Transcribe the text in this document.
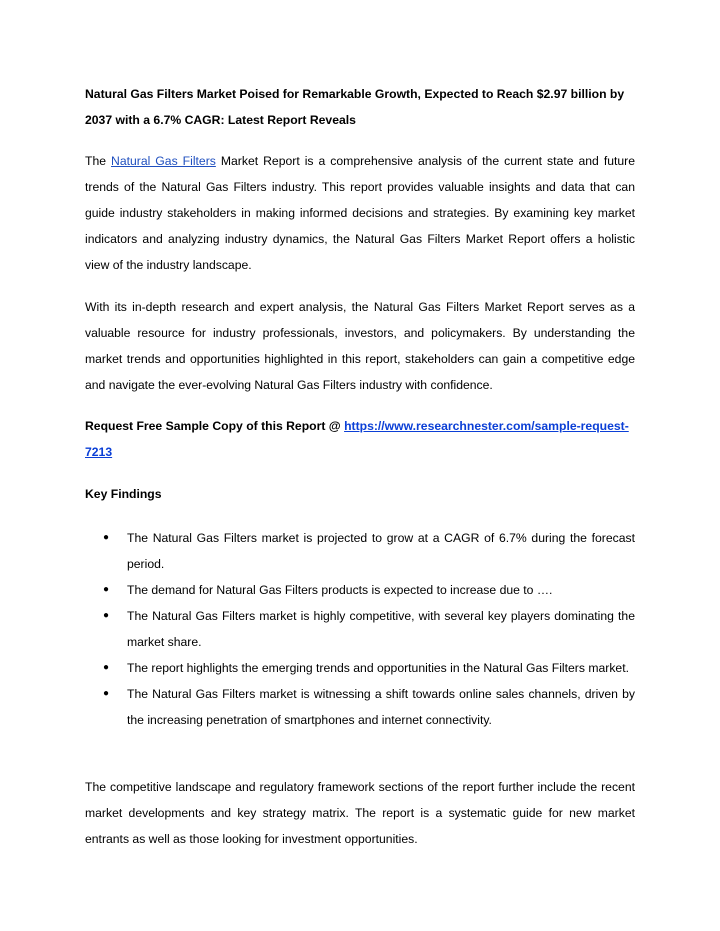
Natural Gas Filters Market Poised for Remarkable Growth, Expected to Reach $2.97 billion by 2037 with a 6.7% CAGR: Latest Report Reveals

The Natural Gas Filters Market Report is a comprehensive analysis of the current state and future trends of the Natural Gas Filters industry. This report provides valuable insights and data that can guide industry stakeholders in making informed decisions and strategies. By examining key market indicators and analyzing industry dynamics, the Natural Gas Filters Market Report offers a holistic view of the industry landscape.

With its in-depth research and expert analysis, the Natural Gas Filters Market Report serves as a valuable resource for industry professionals, investors, and policymakers. By understanding the market trends and opportunities highlighted in this report, stakeholders can gain a competitive edge and navigate the ever-evolving Natural Gas Filters industry with confidence.

Request Free Sample Copy of this Report @ https://www.researchnester.com/sample-request-7213

Key Findings

● The Natural Gas Filters market is projected to grow at a CAGR of 6.7% during the forecast period.
● The demand for Natural Gas Filters products is expected to increase due to ….
● The Natural Gas Filters market is highly competitive, with several key players dominating the market share.
● The report highlights the emerging trends and opportunities in the Natural Gas Filters market.
● The Natural Gas Filters market is witnessing a shift towards online sales channels, driven by the increasing penetration of smartphones and internet connectivity.

The competitive landscape and regulatory framework sections of the report further include the recent market developments and key strategy matrix. The report is a systematic guide for new market entrants as well as those looking for investment opportunities.
